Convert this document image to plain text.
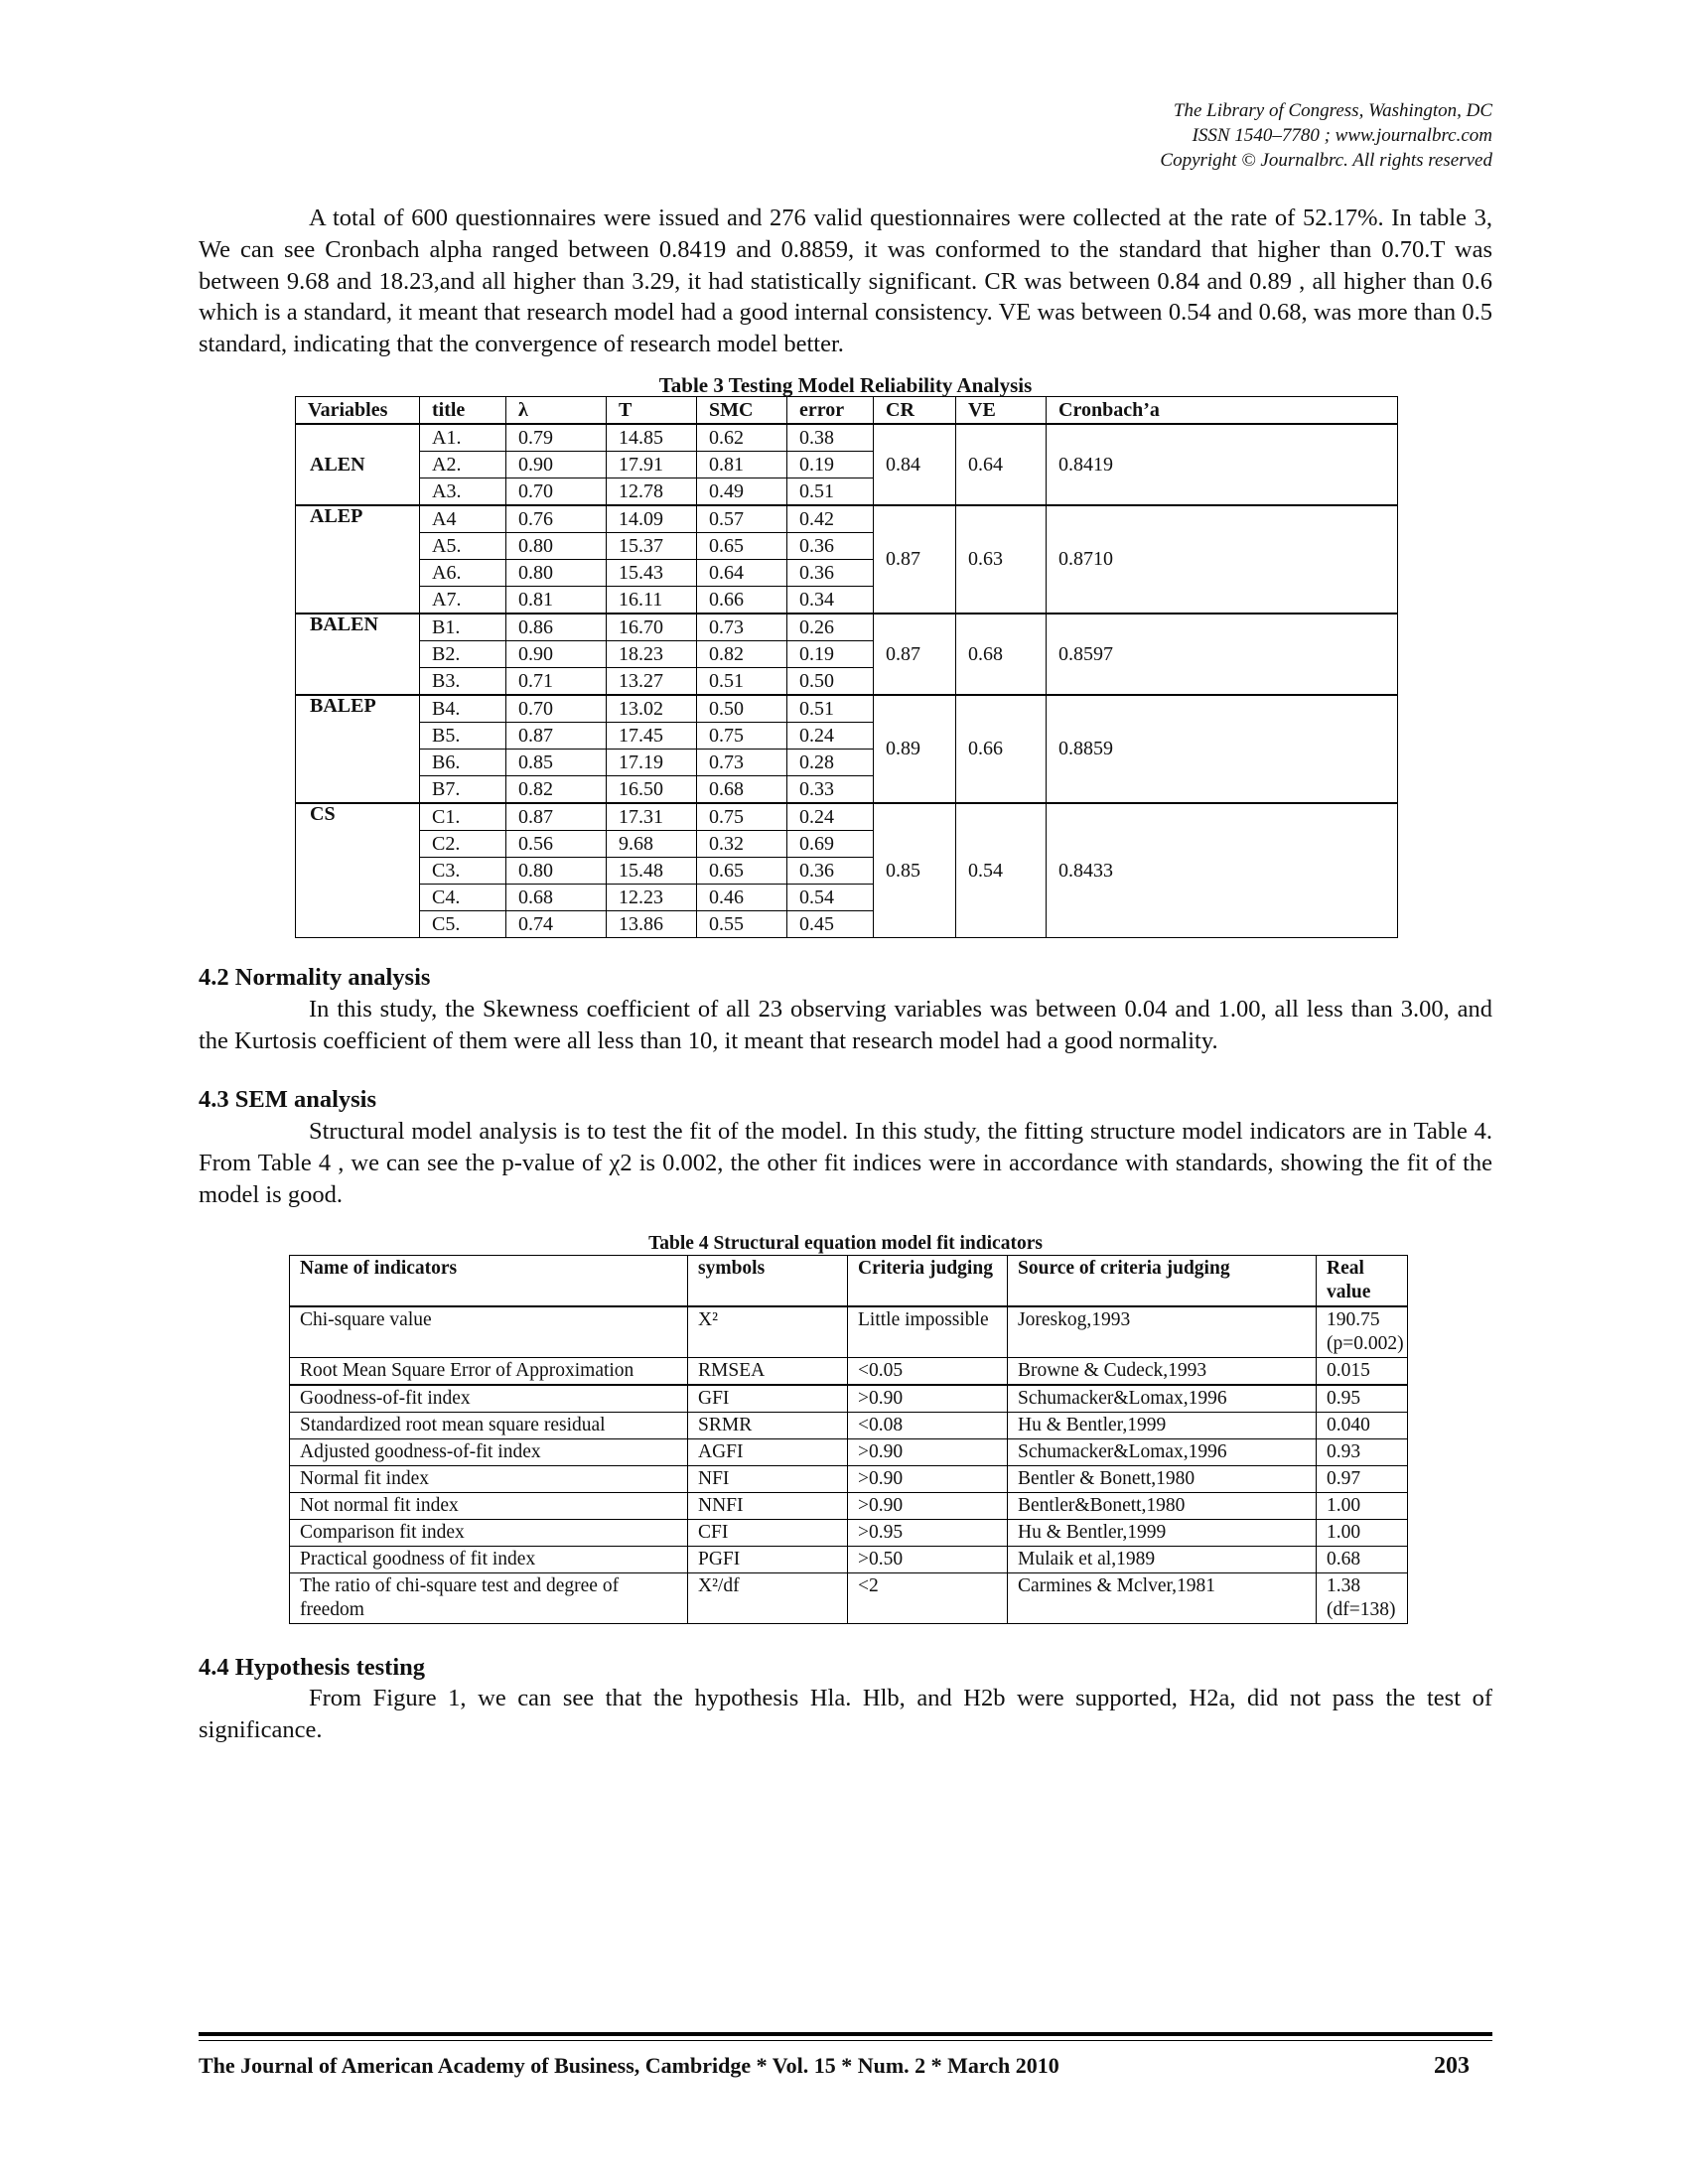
The Library of Congress, Washington, DC
ISSN 1540–7780 ; www.journalbrc.com
Copyright © Journalbrc. All rights reserved

A total of 600 questionnaires were issued and 276 valid questionnaires were collected at the rate of 52.17%. In table 3, We can see Cronbach alpha ranged between 0.8419 and 0.8859, it was conformed to the standard that higher than 0.70.T was between 9.68 and 18.23,and all higher than 3.29, it had statistically significant. CR was between 0.84 and 0.89 , all higher than 0.6 which is a standard, it meant that research model had a good internal consistency. VE was between 0.54 and 0.68, was more than 0.5 standard, indicating that the convergence of research model better.

Table 3 Testing Model Reliability Analysis
Variables	title	λ	T	SMC	error	CR	VE	Cronbach’a
ALEN	A1.	0.79	14.85	0.62	0.38	0.84	0.64	0.8419
	A2.	0.90	17.91	0.81	0.19			
	A3.	0.70	12.78	0.49	0.51			
ALEP	A4	0.76	14.09	0.57	0.42	0.87	0.63	0.8710
	A5.	0.80	15.37	0.65	0.36			
	A6.	0.80	15.43	0.64	0.36			
	A7.	0.81	16.11	0.66	0.34			
BALEN	B1.	0.86	16.70	0.73	0.26	0.87	0.68	0.8597
	B2.	0.90	18.23	0.82	0.19			
	B3.	0.71	13.27	0.51	0.50			
BALEP	B4.	0.70	13.02	0.50	0.51	0.89	0.66	0.8859
	B5.	0.87	17.45	0.75	0.24			
	B6.	0.85	17.19	0.73	0.28			
	B7.	0.82	16.50	0.68	0.33			
CS	C1.	0.87	17.31	0.75	0.24	0.85	0.54	0.8433
	C2.	0.56	9.68	0.32	0.69			
	C3.	0.80	15.48	0.65	0.36			
	C4.	0.68	12.23	0.46	0.54			
	C5.	0.74	13.86	0.55	0.45			
4.2 Normality analysis

In this study, the Skewness coefficient of all 23 observing variables was between 0.04 and 1.00, all less than 3.00, and the Kurtosis coefficient of them were all less than 10, it meant that research model had a good normality.

4.3 SEM analysis

Structural model analysis is to test the fit of the model. In this study, the fitting structure model indicators are in Table 4. From Table 4 , we can see the p-value of χ2 is 0.002, the other fit indices were in accordance with standards, showing the fit of the model is good.

Table 4 Structural equation model fit indicators
Name of indicators	symbols	Criteria judging	Source of criteria judging	Real value
Chi-square value	X²	Little impossible	Joreskog,1993	190.75 (p=0.002)
Root Mean Square Error of Approximation	RMSEA	<0.05	Browne & Cudeck,1993	0.015
Goodness-of-fit index	GFI	>0.90	Schumacker&Lomax,1996	0.95
Standardized root mean square residual	SRMR	<0.08	Hu & Bentler,1999	0.040
Adjusted goodness-of-fit index	AGFI	>0.90	Schumacker&Lomax,1996	0.93
Normal fit index	NFI	>0.90	Bentler & Bonett,1980	0.97
Not normal fit index	NNFI	>0.90	Bentler&Bonett,1980	1.00
Comparison fit index	CFI	>0.95	Hu & Bentler,1999	1.00
Practical goodness of fit index	PGFI	>0.50	Mulaik et al,1989	0.68
The ratio of chi-square test and degree of freedom	X²/df	<2	Carmines & Mclver,1981	1.38 (df=138)
4.4 Hypothesis testing

From Figure 1, we can see that the hypothesis Hla. Hlb, and H2b were supported, H2a, did not pass the test of significance.

The Journal of American Academy of Business, Cambridge * Vol. 15 * Num. 2 * March 2010	203
